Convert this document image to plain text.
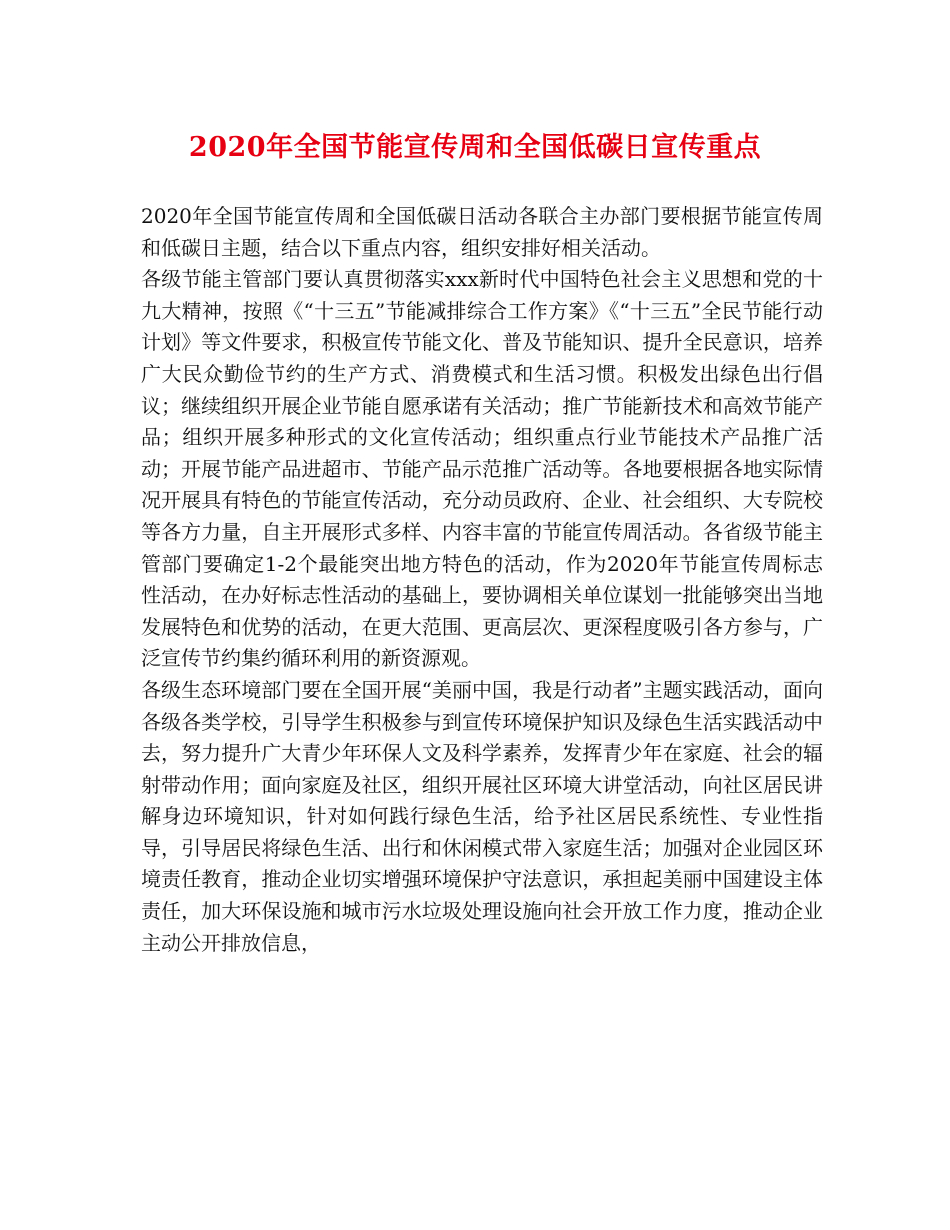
2020年全国节能宣传周和全国低碳日宣传重点

2020年全国节能宣传周和全国低碳日活动各联合主办部门要根据节能宣传周和低碳日主题，结合以下重点内容，组织安排好相关活动。

各级节能主管部门要认真贯彻落实xxx新时代中国特色社会主义思想和党的十九大精神，按照《“十三五”节能减排综合工作方案》《“十三五”全民节能行动计划》等文件要求，积极宣传节能文化、普及节能知识、提升全民意识，培养广大民众勤俭节约的生产方式、消费模式和生活习惯。积极发出绿色出行倡议；继续组织开展企业节能自愿承诺有关活动；推广节能新技术和高效节能产品；组织开展多种形式的文化宣传活动；组织重点行业节能技术产品推广活动；开展节能产品进超市、节能产品示范推广活动等。各地要根据各地实际情况开展具有特色的节能宣传活动，充分动员政府、企业、社会组织、大专院校等各方力量，自主开展形式多样、内容丰富的节能宣传周活动。各省级节能主管部门要确定1-2个最能突出地方特色的活动，作为2020年节能宣传周标志性活动，在办好标志性活动的基础上，要协调相关单位谋划一批能够突出当地发展特色和优势的活动，在更大范围、更高层次、更深程度吸引各方参与，广泛宣传节约集约循环利用的新资源观。

各级生态环境部门要在全国开展“美丽中国，我是行动者”主题实践活动，面向各级各类学校，引导学生积极参与到宣传环境保护知识及绿色生活实践活动中去，努力提升广大青少年环保人文及科学素养，发挥青少年在家庭、社会的辐射带动作用；面向家庭及社区，组织开展社区环境大讲堂活动，向社区居民讲解身边环境知识，针对如何践行绿色生活，给予社区居民系统性、专业性指导，引导居民将绿色生活、出行和休闲模式带入家庭生活；加强对企业园区环境责任教育，推动企业切实增强环境保护守法意识，承担起美丽中国建设主体责任，加大环保设施和城市污水垃圾处理设施向社会开放工作力度，推动企业主动公开排放信息，
